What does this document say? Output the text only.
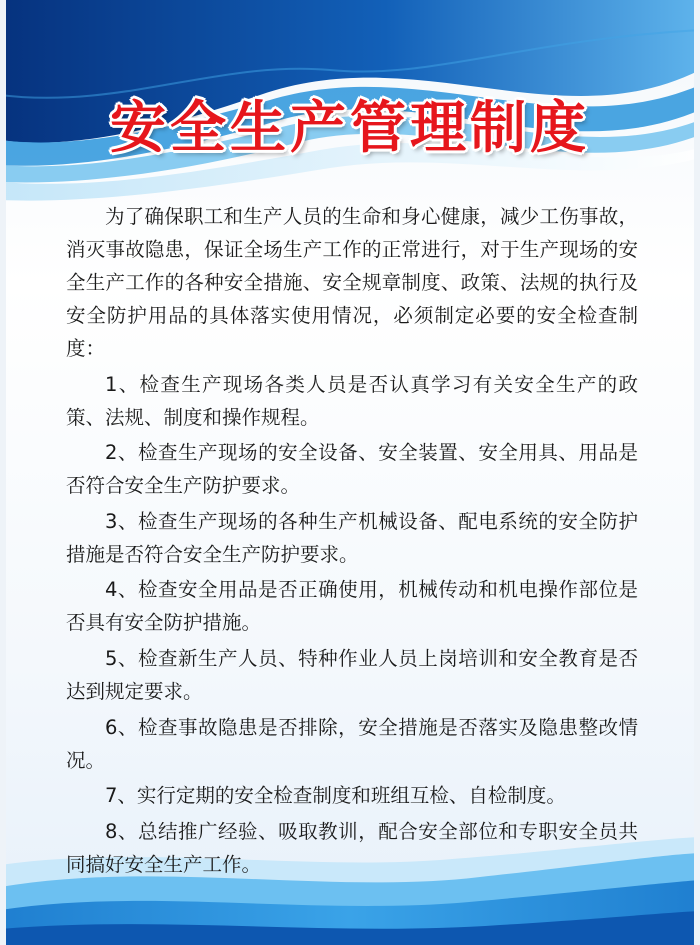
安全生产管理制度

为了确保职工和生产人员的生命和身心健康，减少工伤事故，消灭事故隐患，保证全场生产工作的正常进行，对于生产现场的安全生产工作的各种安全措施、安全规章制度、政策、法规的执行及安全防护用品的具体落实使用情况，必须制定必要的安全检查制度：

1、检查生产现场各类人员是否认真学习有关安全生产的政策、法规、制度和操作规程。

2、检查生产现场的安全设备、安全装置、安全用具、用品是否符合安全生产防护要求。

3、检查生产现场的各种生产机械设备、配电系统的安全防护措施是否符合安全生产防护要求。

4、检查安全用品是否正确使用，机械传动和机电操作部位是否具有安全防护措施。

5、检查新生产人员、特种作业人员上岗培训和安全教育是否达到规定要求。

6、检查事故隐患是否排除，安全措施是否落实及隐患整改情况。

7、实行定期的安全检查制度和班组互检、自检制度。

8、总结推广经验、吸取教训，配合安全部位和专职安全员共同搞好安全生产工作。
